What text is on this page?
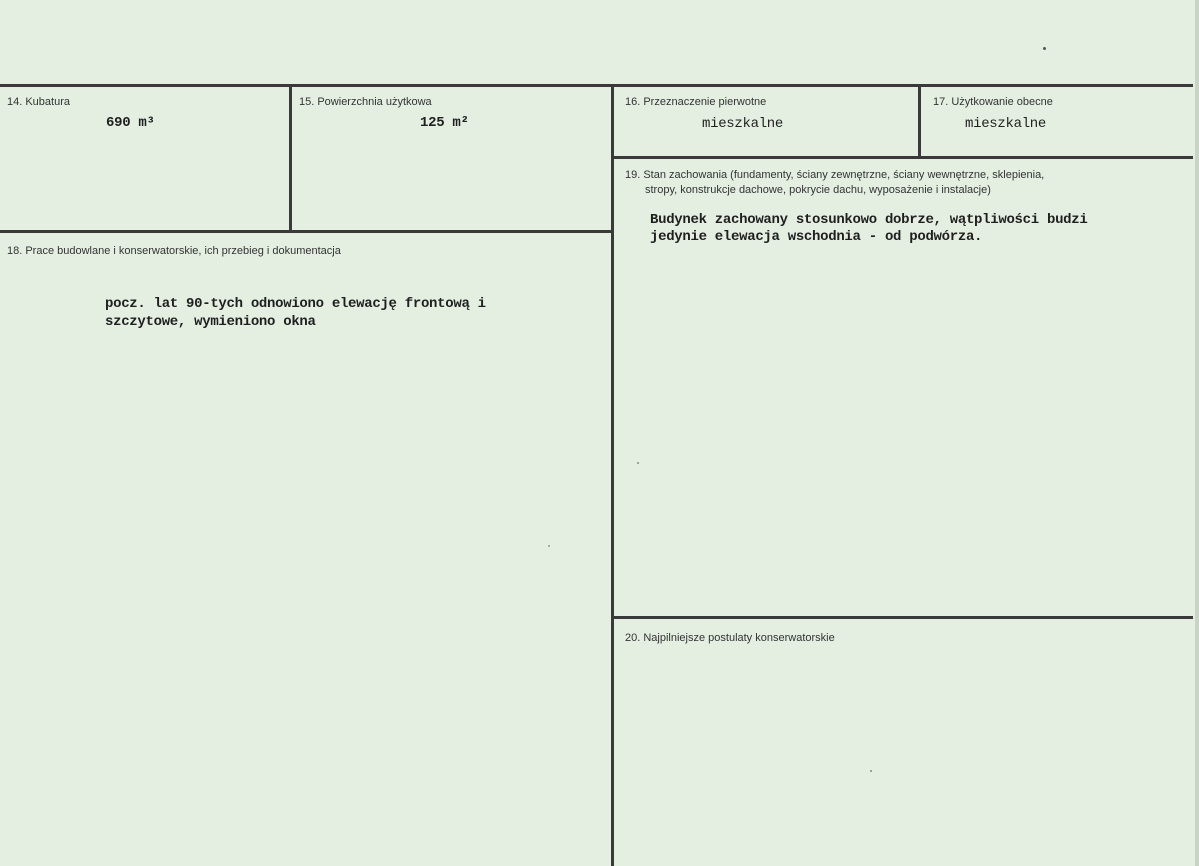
14. Kubatura
690 m³
15. Powierzchnia użytkowa
125 m²
16. Przeznaczenie pierwotne
mieszkalne
17. Użytkowanie obecne
mieszkalne
19. Stan zachowania (fundamenty, ściany zewnętrzne, ściany wewnętrzne, sklepienia,
stropy, konstrukcje dachowe, pokrycie dachu, wyposażenie i instalacje)
Budynek zachowany stosunkowo dobrze, wątpliwości budzi
jedynie elewacja wschodnia - od podwórza.
18. Prace budowlane i konserwatorskie, ich przebieg i dokumentacja
pocz. lat 90-tych odnowiono elewację frontową i
szczytowe, wymieniono okna
20. Najpilniejsze postulaty konserwatorskie
